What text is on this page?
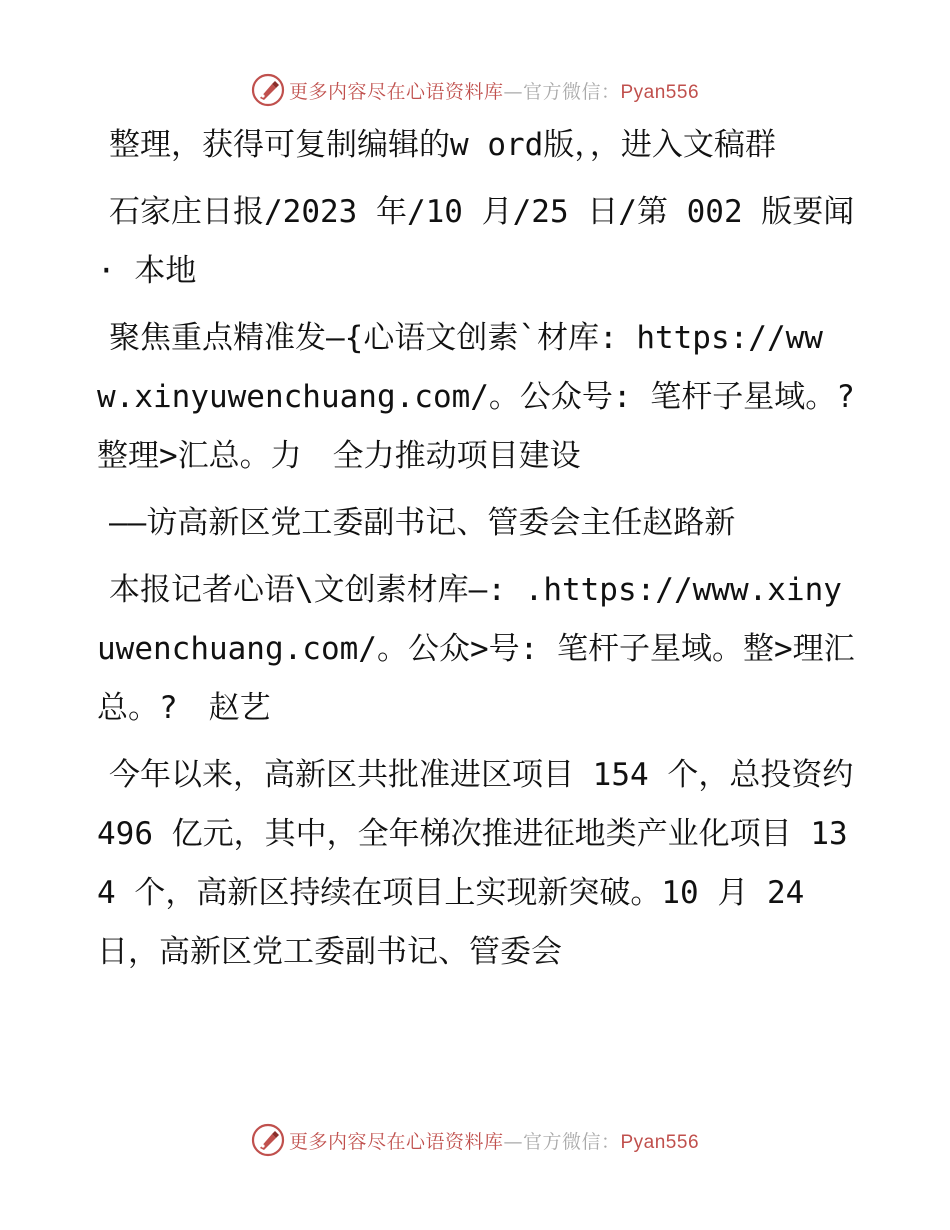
更多内容尽在心语资料库—官方微信：Pyan556

整理，获得可复制编辑的w ord版，，进入文稿群

石家庄日报/2023 年/10 月/25 日/第 002 版要闻· 本地

聚焦重点精准发—{心语文创素`材库: https://www.xinyuwenchuang.com/。公众号: 笔杆子星域。?整理>汇总。力　全力推动项目建设

——访高新区党工委副书记、管委会主任赵路新

本报记者心语\文创素材库—: .https://www.xinyuwenchuang.com/。公众>号: 笔杆子星域。整>理汇总。?　赵艺

今年以来，高新区共批准进区项目 154 个，总投资约 496 亿元，其中，全年梯次推进征地类产业化项目 134 个，高新区持续在项目上实现新突破。10 月 24 日，高新区党工委副书记、管委会

更多内容尽在心语资料库—官方微信：Pyan556
